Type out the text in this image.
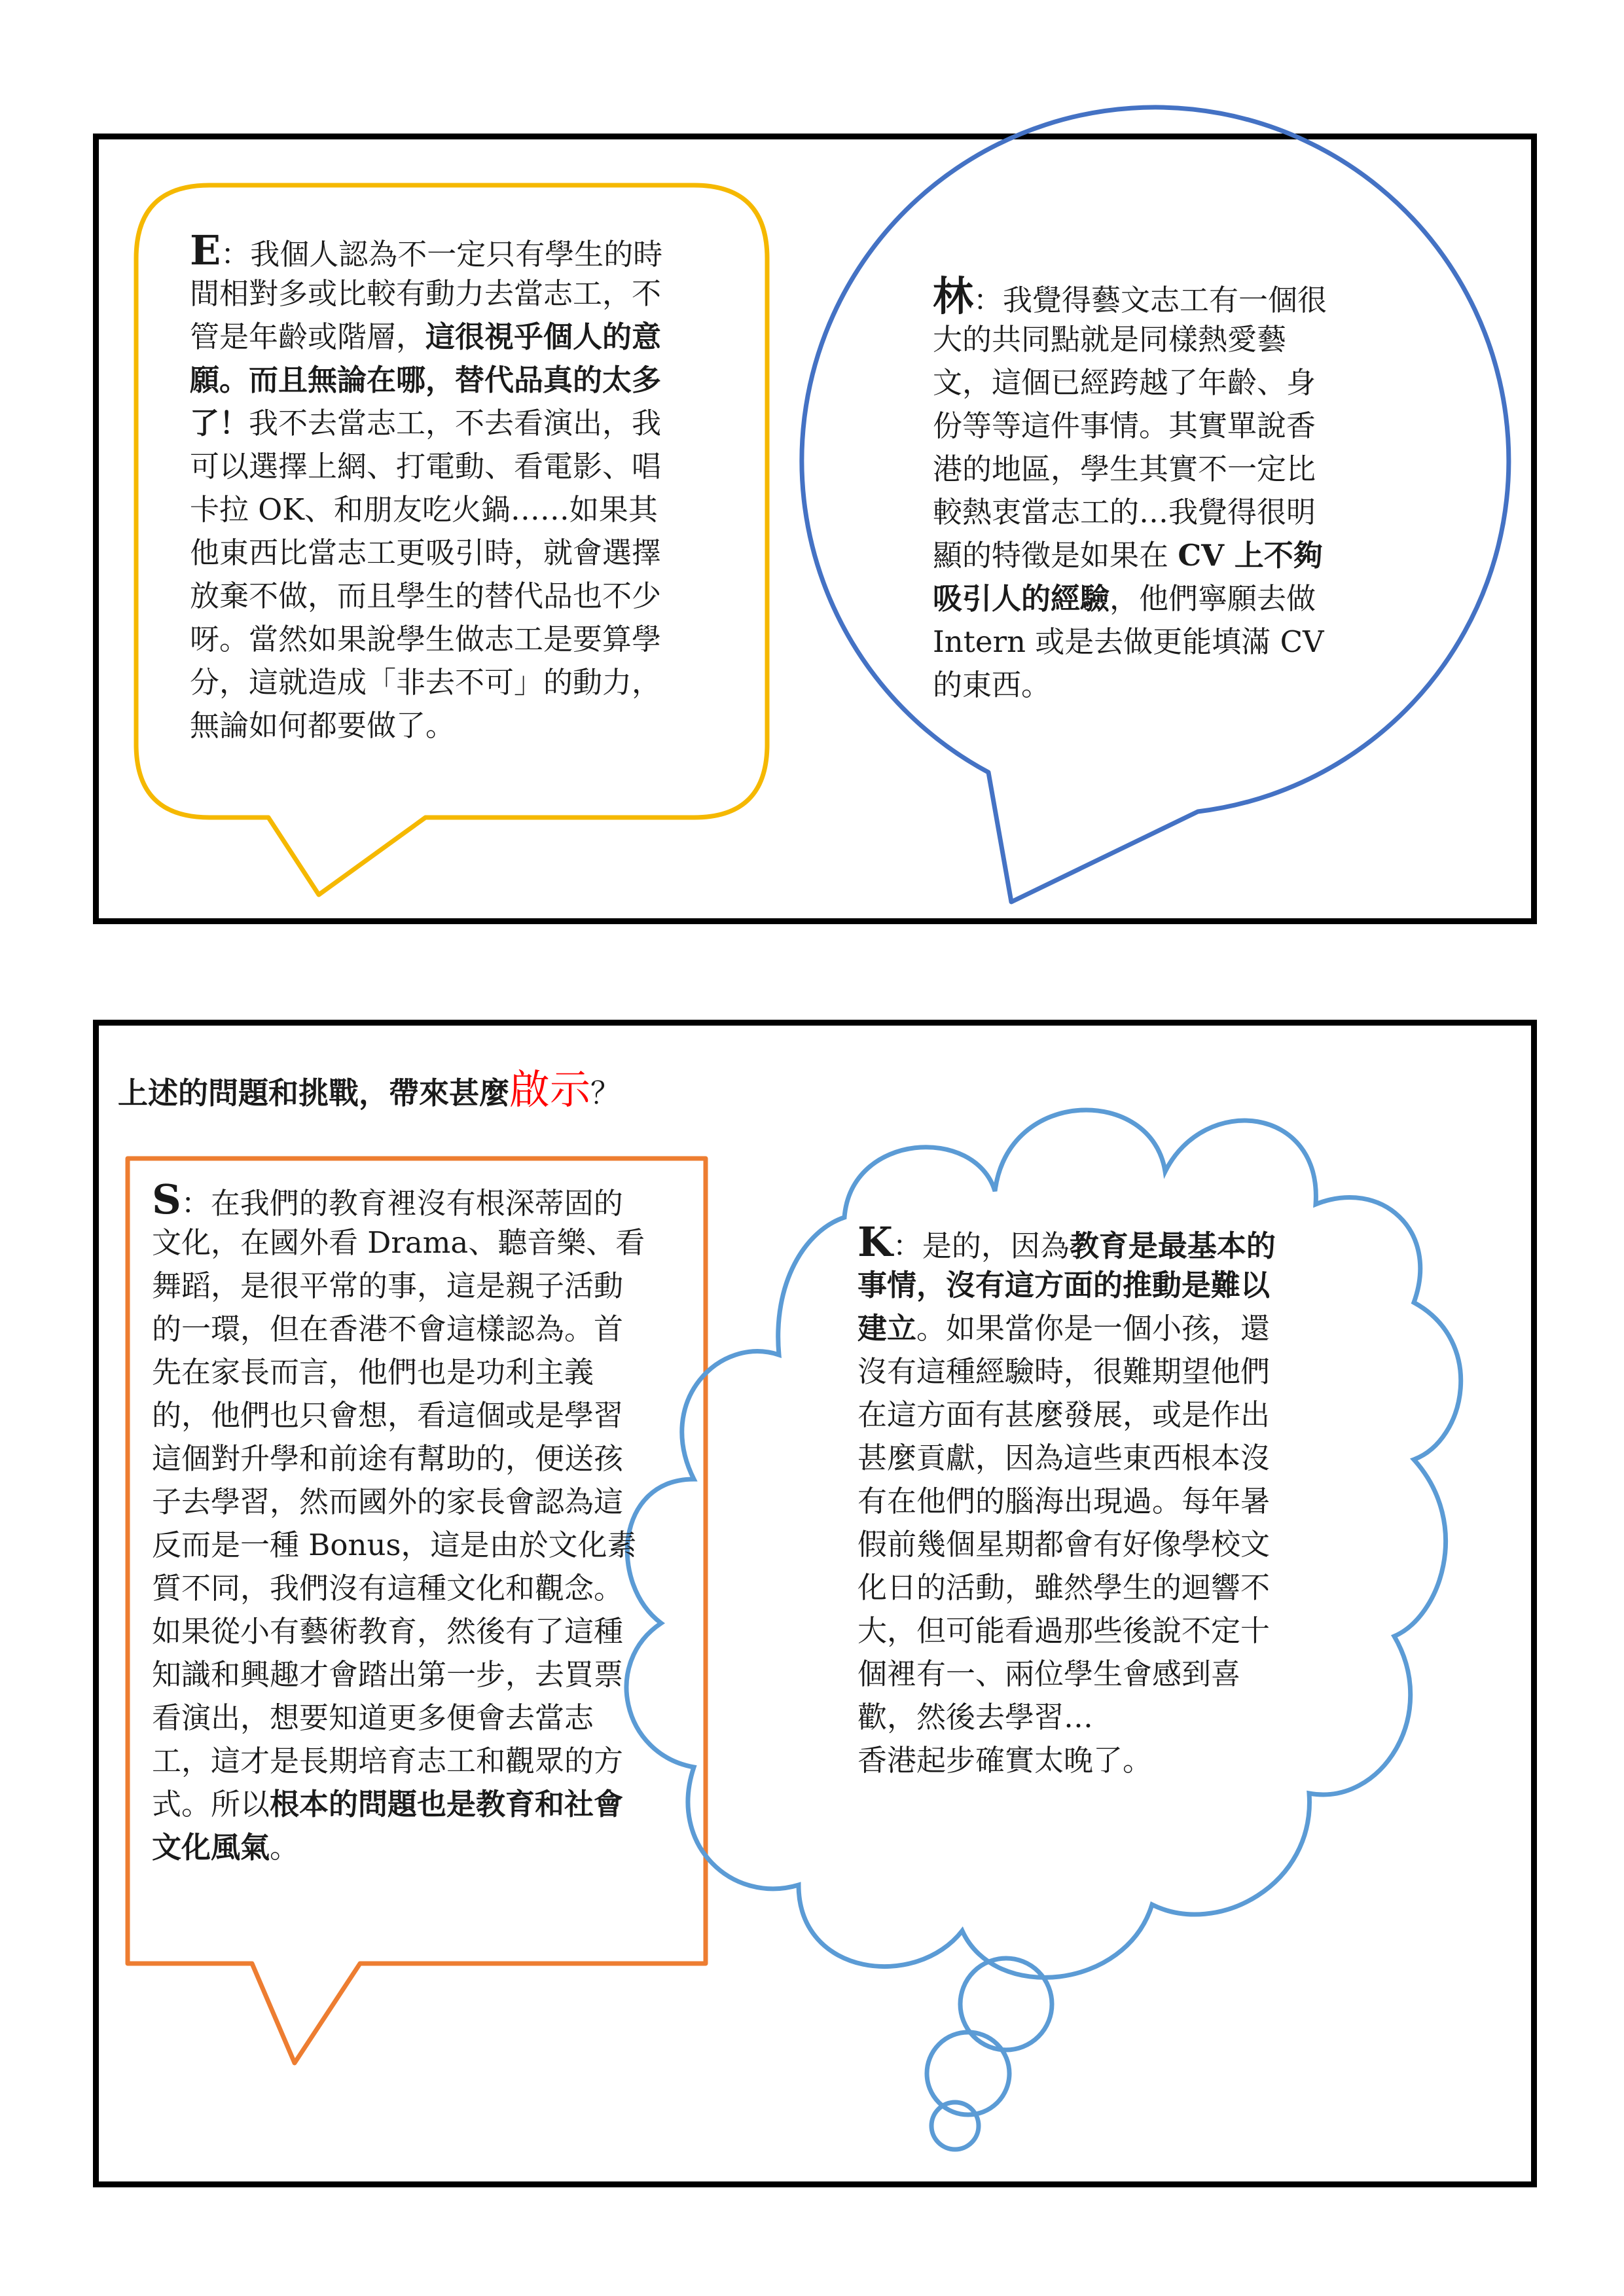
E：我個人認為不一定只有學生的時
間相對多或比較有動力去當志工，不
管是年齡或階層，這很視乎個人的意
願。而且無論在哪，替代品真的太多
了！我不去當志工，不去看演出，我
可以選擇上網、打電動、看電影、唱
卡拉 OK、和朋友吃火鍋……如果其
他東西比當志工更吸引時，就會選擇
放棄不做，而且學生的替代品也不少
呀。當然如果說學生做志工是要算學
分，這就造成「非去不可」的動力，
無論如何都要做了。
林：我覺得藝文志工有一個很
大的共同點就是同樣熱愛藝
文，這個已經跨越了年齡、身
份等等這件事情。其實單說香
港的地區，學生其實不一定比
較熱衷當志工的…我覺得很明
顯的特徵是如果在 CV 上不夠
吸引人的經驗，他們寧願去做
Intern 或是去做更能填滿 CV
的東西。
上述的問題和挑戰，帶來甚麼啟示？
S：在我們的教育裡沒有根深蒂固的
文化，在國外看 Drama、聽音樂、看
舞蹈，是很平常的事，這是親子活動
的一環，但在香港不會這樣認為。首
先在家長而言，他們也是功利主義
的，他們也只會想，看這個或是學習
這個對升學和前途有幫助的，便送孩
子去學習，然而國外的家長會認為這
反而是一種 Bonus，這是由於文化素
質不同，我們沒有這種文化和觀念。
如果從小有藝術教育，然後有了這種
知識和興趣才會踏出第一步，去買票
看演出，想要知道更多便會去當志
工，這才是長期培育志工和觀眾的方
式。所以根本的問題也是教育和社會
文化風氣。
K：是的，因為教育是最基本的
事情，沒有這方面的推動是難以
建立。如果當你是一個小孩，還
沒有這種經驗時，很難期望他們
在這方面有甚麼發展，或是作出
甚麼貢獻，因為這些東西根本沒
有在他們的腦海出現過。每年暑
假前幾個星期都會有好像學校文
化日的活動，雖然學生的迴響不
大，但可能看過那些後說不定十
個裡有一、兩位學生會感到喜
歡，然後去學習…
香港起步確實太晚了。
